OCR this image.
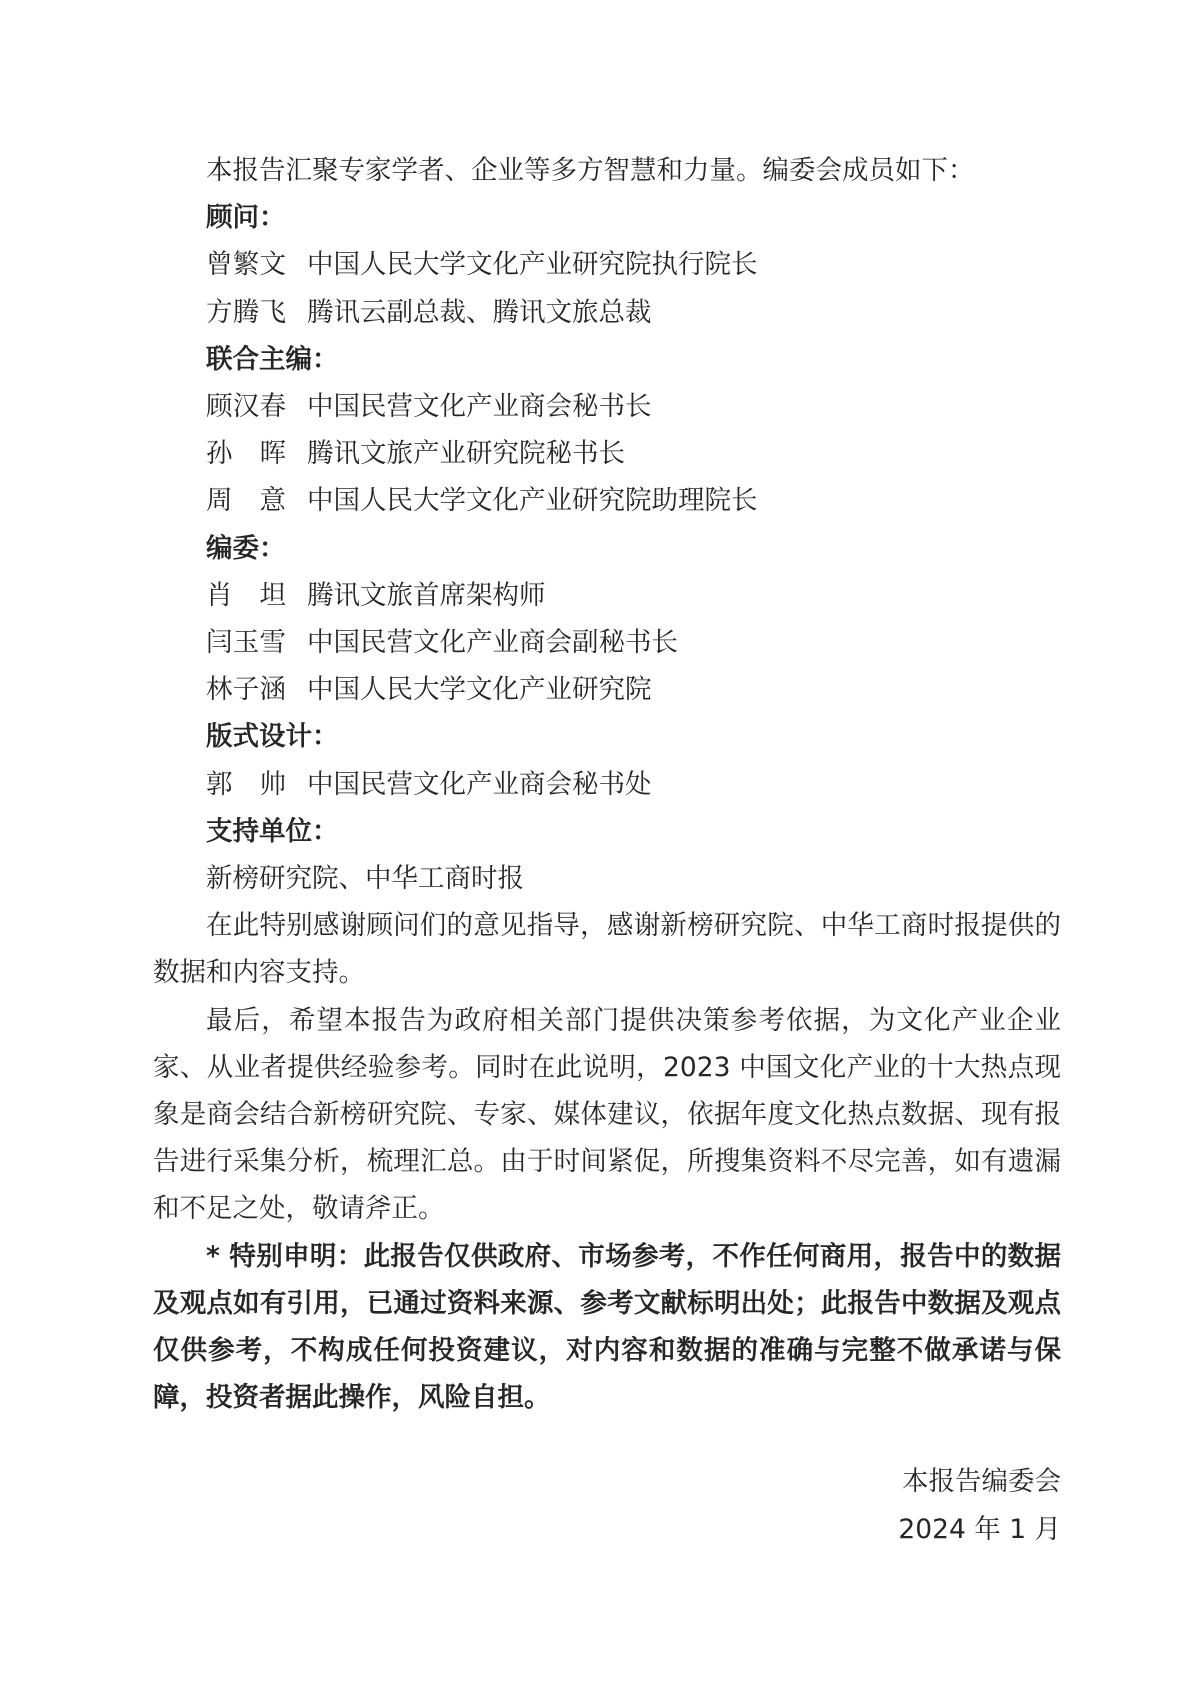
本报告汇聚专家学者、企业等多方智慧和力量。编委会成员如下：
顾问：
曾繁文 中国人民大学文化产业研究院执行院长
方腾飞 腾讯云副总裁、腾讯文旅总裁
联合主编：
顾汉春 中国民营文化产业商会秘书长
孙晖 腾讯文旅产业研究院秘书长
周意 中国人民大学文化产业研究院助理院长
编委：
肖坦 腾讯文旅首席架构师
闫玉雪 中国民营文化产业商会副秘书长
林子涵 中国人民大学文化产业研究院
版式设计：
郭帅 中国民营文化产业商会秘书处
支持单位：
新榜研究院、中华工商时报
在此特别感谢顾问们的意见指导，感谢新榜研究院、中华工商时报提供的数据和内容支持。
最后，希望本报告为政府相关部门提供决策参考依据，为文化产业企业家、从业者提供经验参考。同时在此说明，2023 中国文化产业的十大热点现象是商会结合新榜研究院、专家、媒体建议，依据年度文化热点数据、现有报告进行采集分析，梳理汇总。由于时间紧促，所搜集资料不尽完善，如有遗漏和不足之处，敬请斧正。
* 特别申明：此报告仅供政府、市场参考，不作任何商用，报告中的数据及观点如有引用，已通过资料来源、参考文献标明出处；此报告中数据及观点仅供参考，不构成任何投资建议，对内容和数据的准确与完整不做承诺与保障，投资者据此操作，风险自担。
本报告编委会
2024 年 1 月
